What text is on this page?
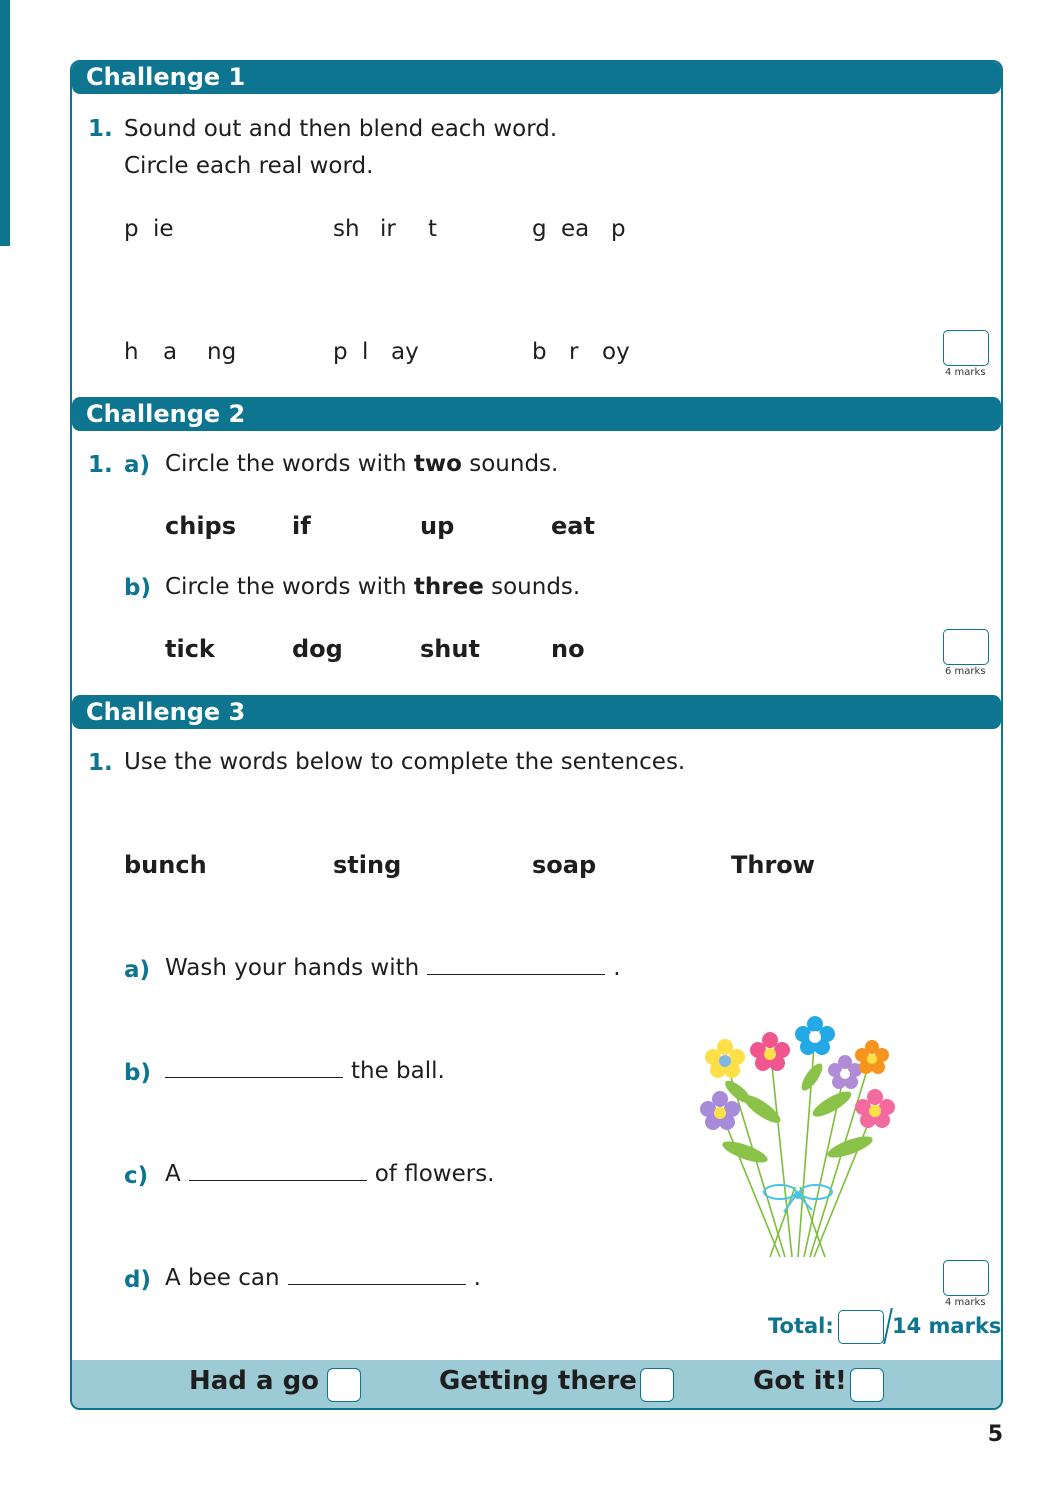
Challenge 1
1. Sound out and then blend each word.
Circle each real word.
p ie	sh ir t	g ea p
h a ng	p l ay	b r oy
4 marks
Challenge 2
1. a) Circle the words with two sounds.
chips if	up	eat
b) Circle the words with three sounds.
tick	dog	shut	no
6 marks
Challenge 3
1. Use the words below to complete the sentences.
bunch	sting	soap	Throw
a) Wash your hands with	.
b)	the ball.
c) A	of flowers.
d) A bee can	.
4 marks
Total:	14 marks
Had a go	Getting there	Got it!
5
